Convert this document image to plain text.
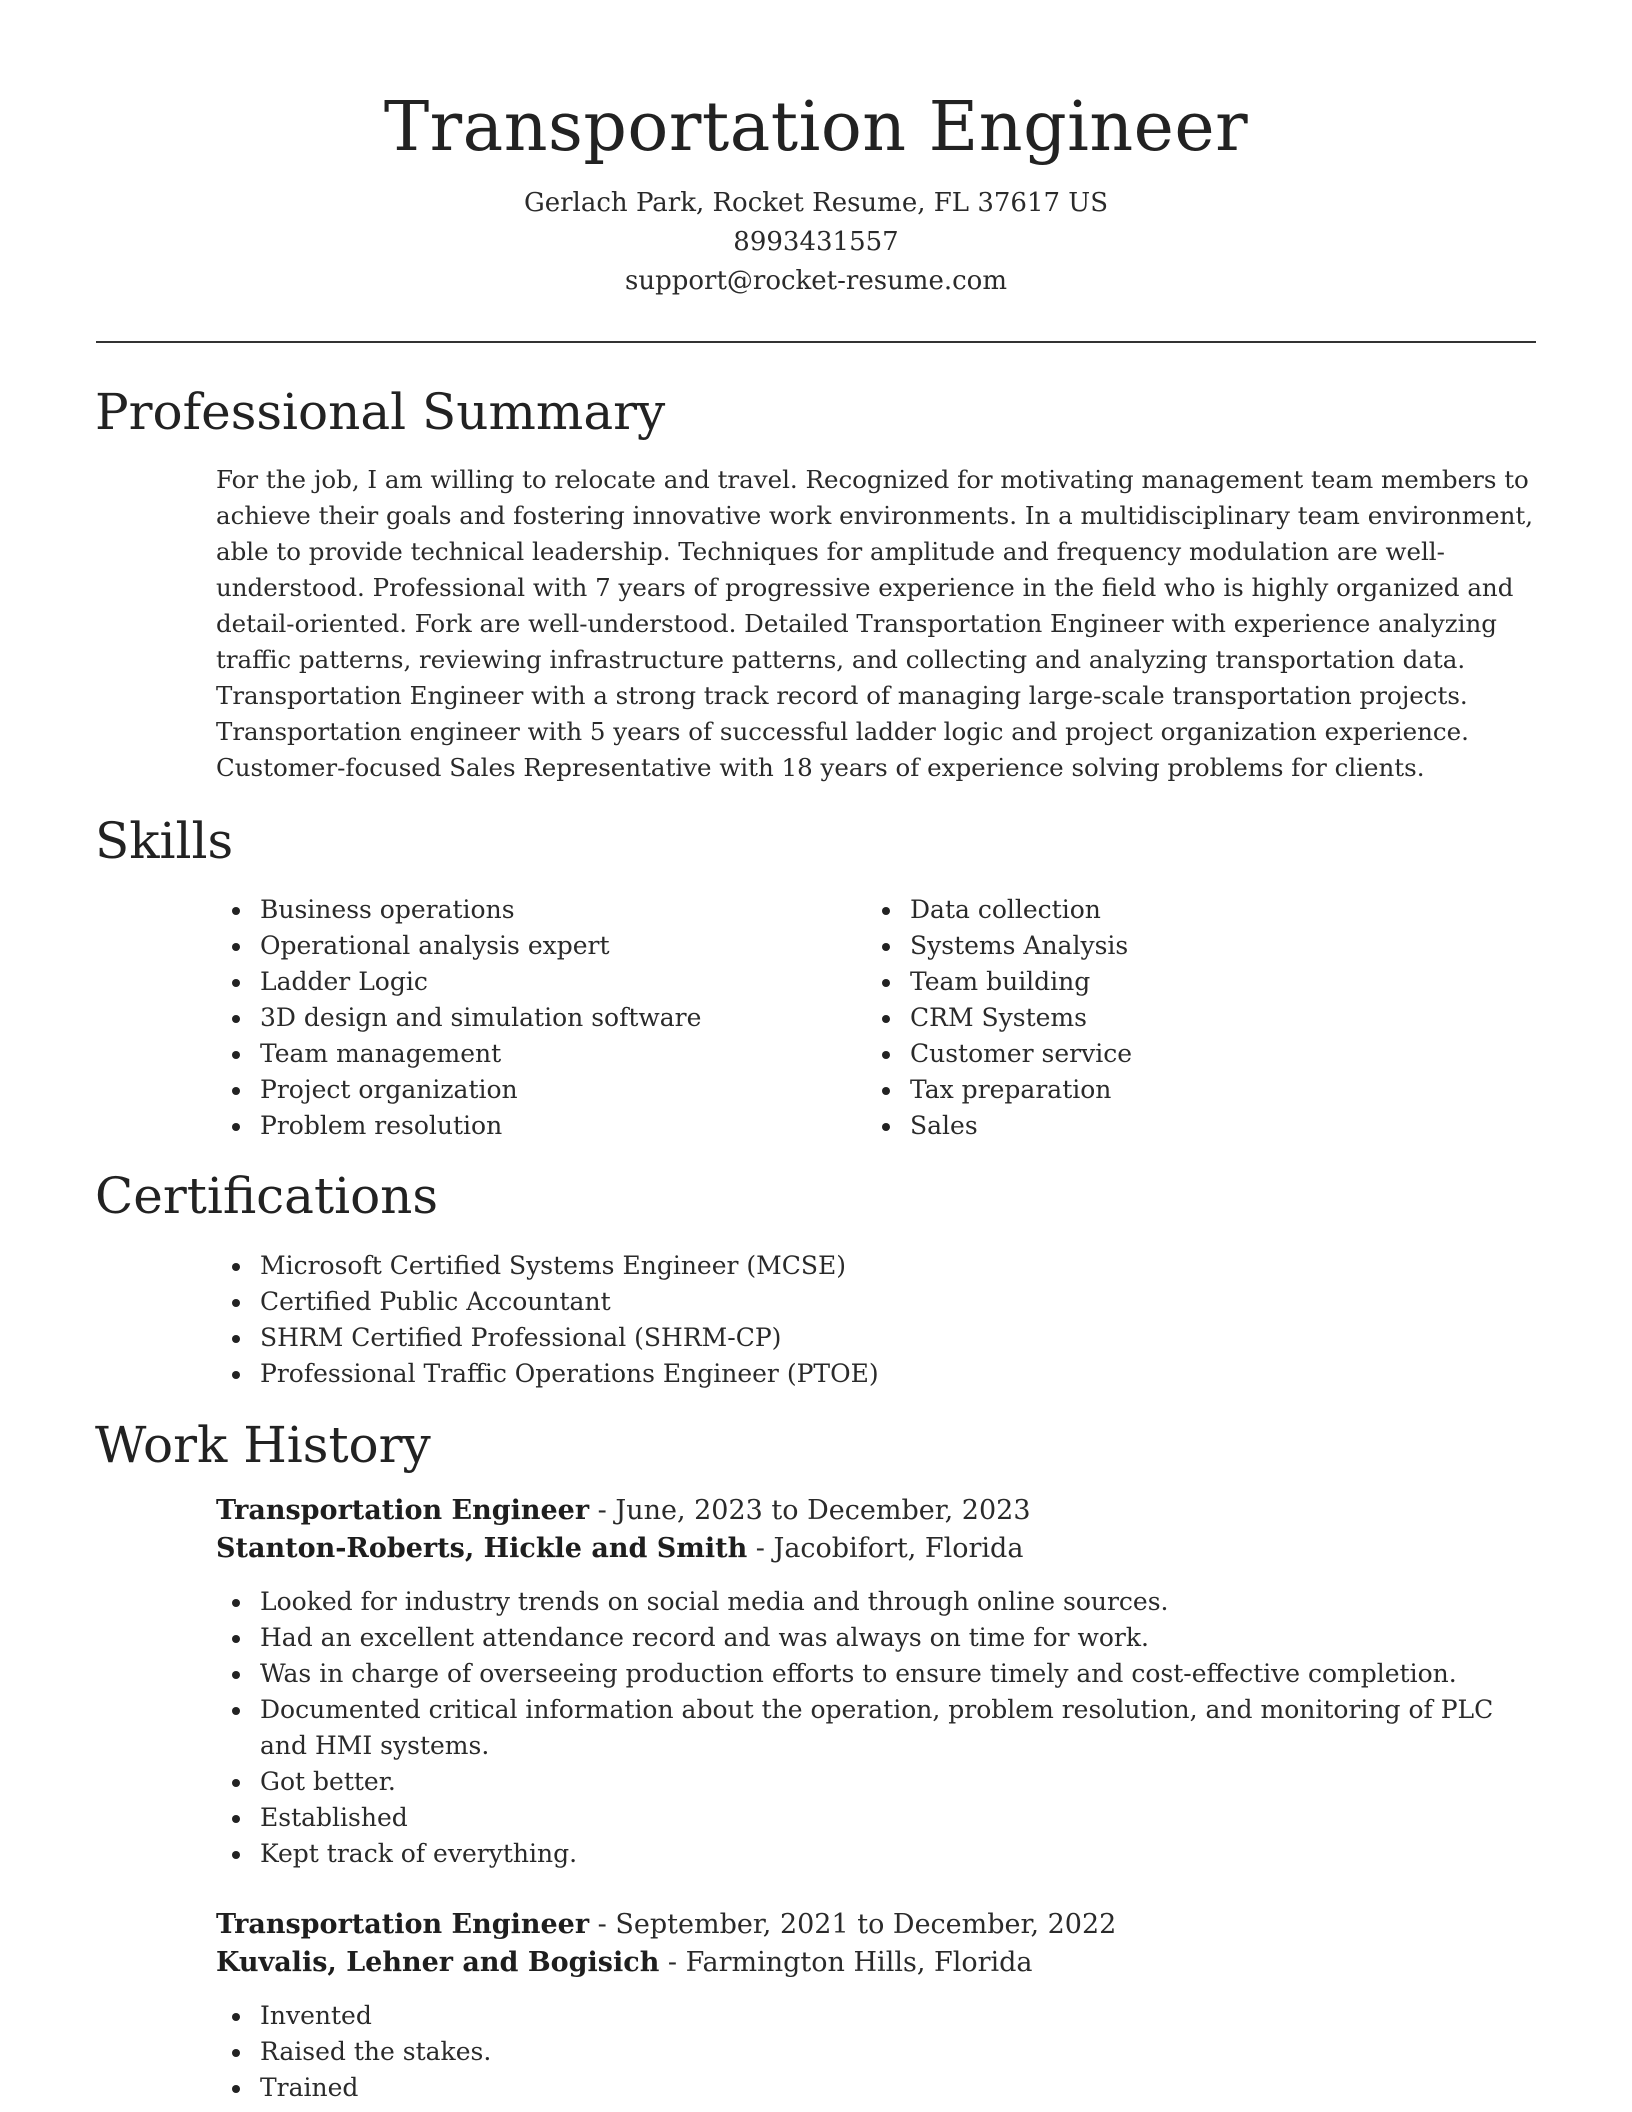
Transportation Engineer
Gerlach Park, Rocket Resume, FL 37617 US
8993431557
support@rocket-resume.com
Professional Summary

For the job, I am willing to relocate and travel. Recognized for motivating management team members to achieve their goals and fostering innovative work environments. In a multidisciplinary team environment, able to provide technical leadership. Techniques for amplitude and frequency modulation are well-understood. Professional with 7 years of progressive experience in the field who is highly organized and detail-oriented. Fork are well-understood. Detailed Transportation Engineer with experience analyzing traffic patterns, reviewing infrastructure patterns, and collecting and analyzing transportation data. Transportation Engineer with a strong track record of managing large-scale transportation projects. Transportation engineer with 5 years of successful ladder logic and project organization experience. Customer-focused Sales Representative with 18 years of experience solving problems for clients.

Skills
Business operations
Operational analysis expert
Ladder Logic
3D design and simulation software
Team management
Project organization
Problem resolution
Data collection
Systems Analysis
Team building
CRM Systems
Customer service
Tax preparation
Sales
Certifications
Microsoft Certified Systems Engineer (MCSE)
Certified Public Accountant
SHRM Certified Professional (SHRM-CP)
Professional Traffic Operations Engineer (PTOE)
Work History
Transportation Engineer - June, 2023 to December, 2023
Stanton-Roberts, Hickle and Smith - Jacobifort, Florida
Looked for industry trends on social media and through online sources.
Had an excellent attendance record and was always on time for work.
Was in charge of overseeing production efforts to ensure timely and cost-effective completion.
Documented critical information about the operation, problem resolution, and monitoring of PLC and HMI systems.
Got better.
Established
Kept track of everything.
Transportation Engineer - September, 2021 to December, 2022
Kuvalis, Lehner and Bogisich - Farmington Hills, Florida
Invented
Raised the stakes.
Trained
